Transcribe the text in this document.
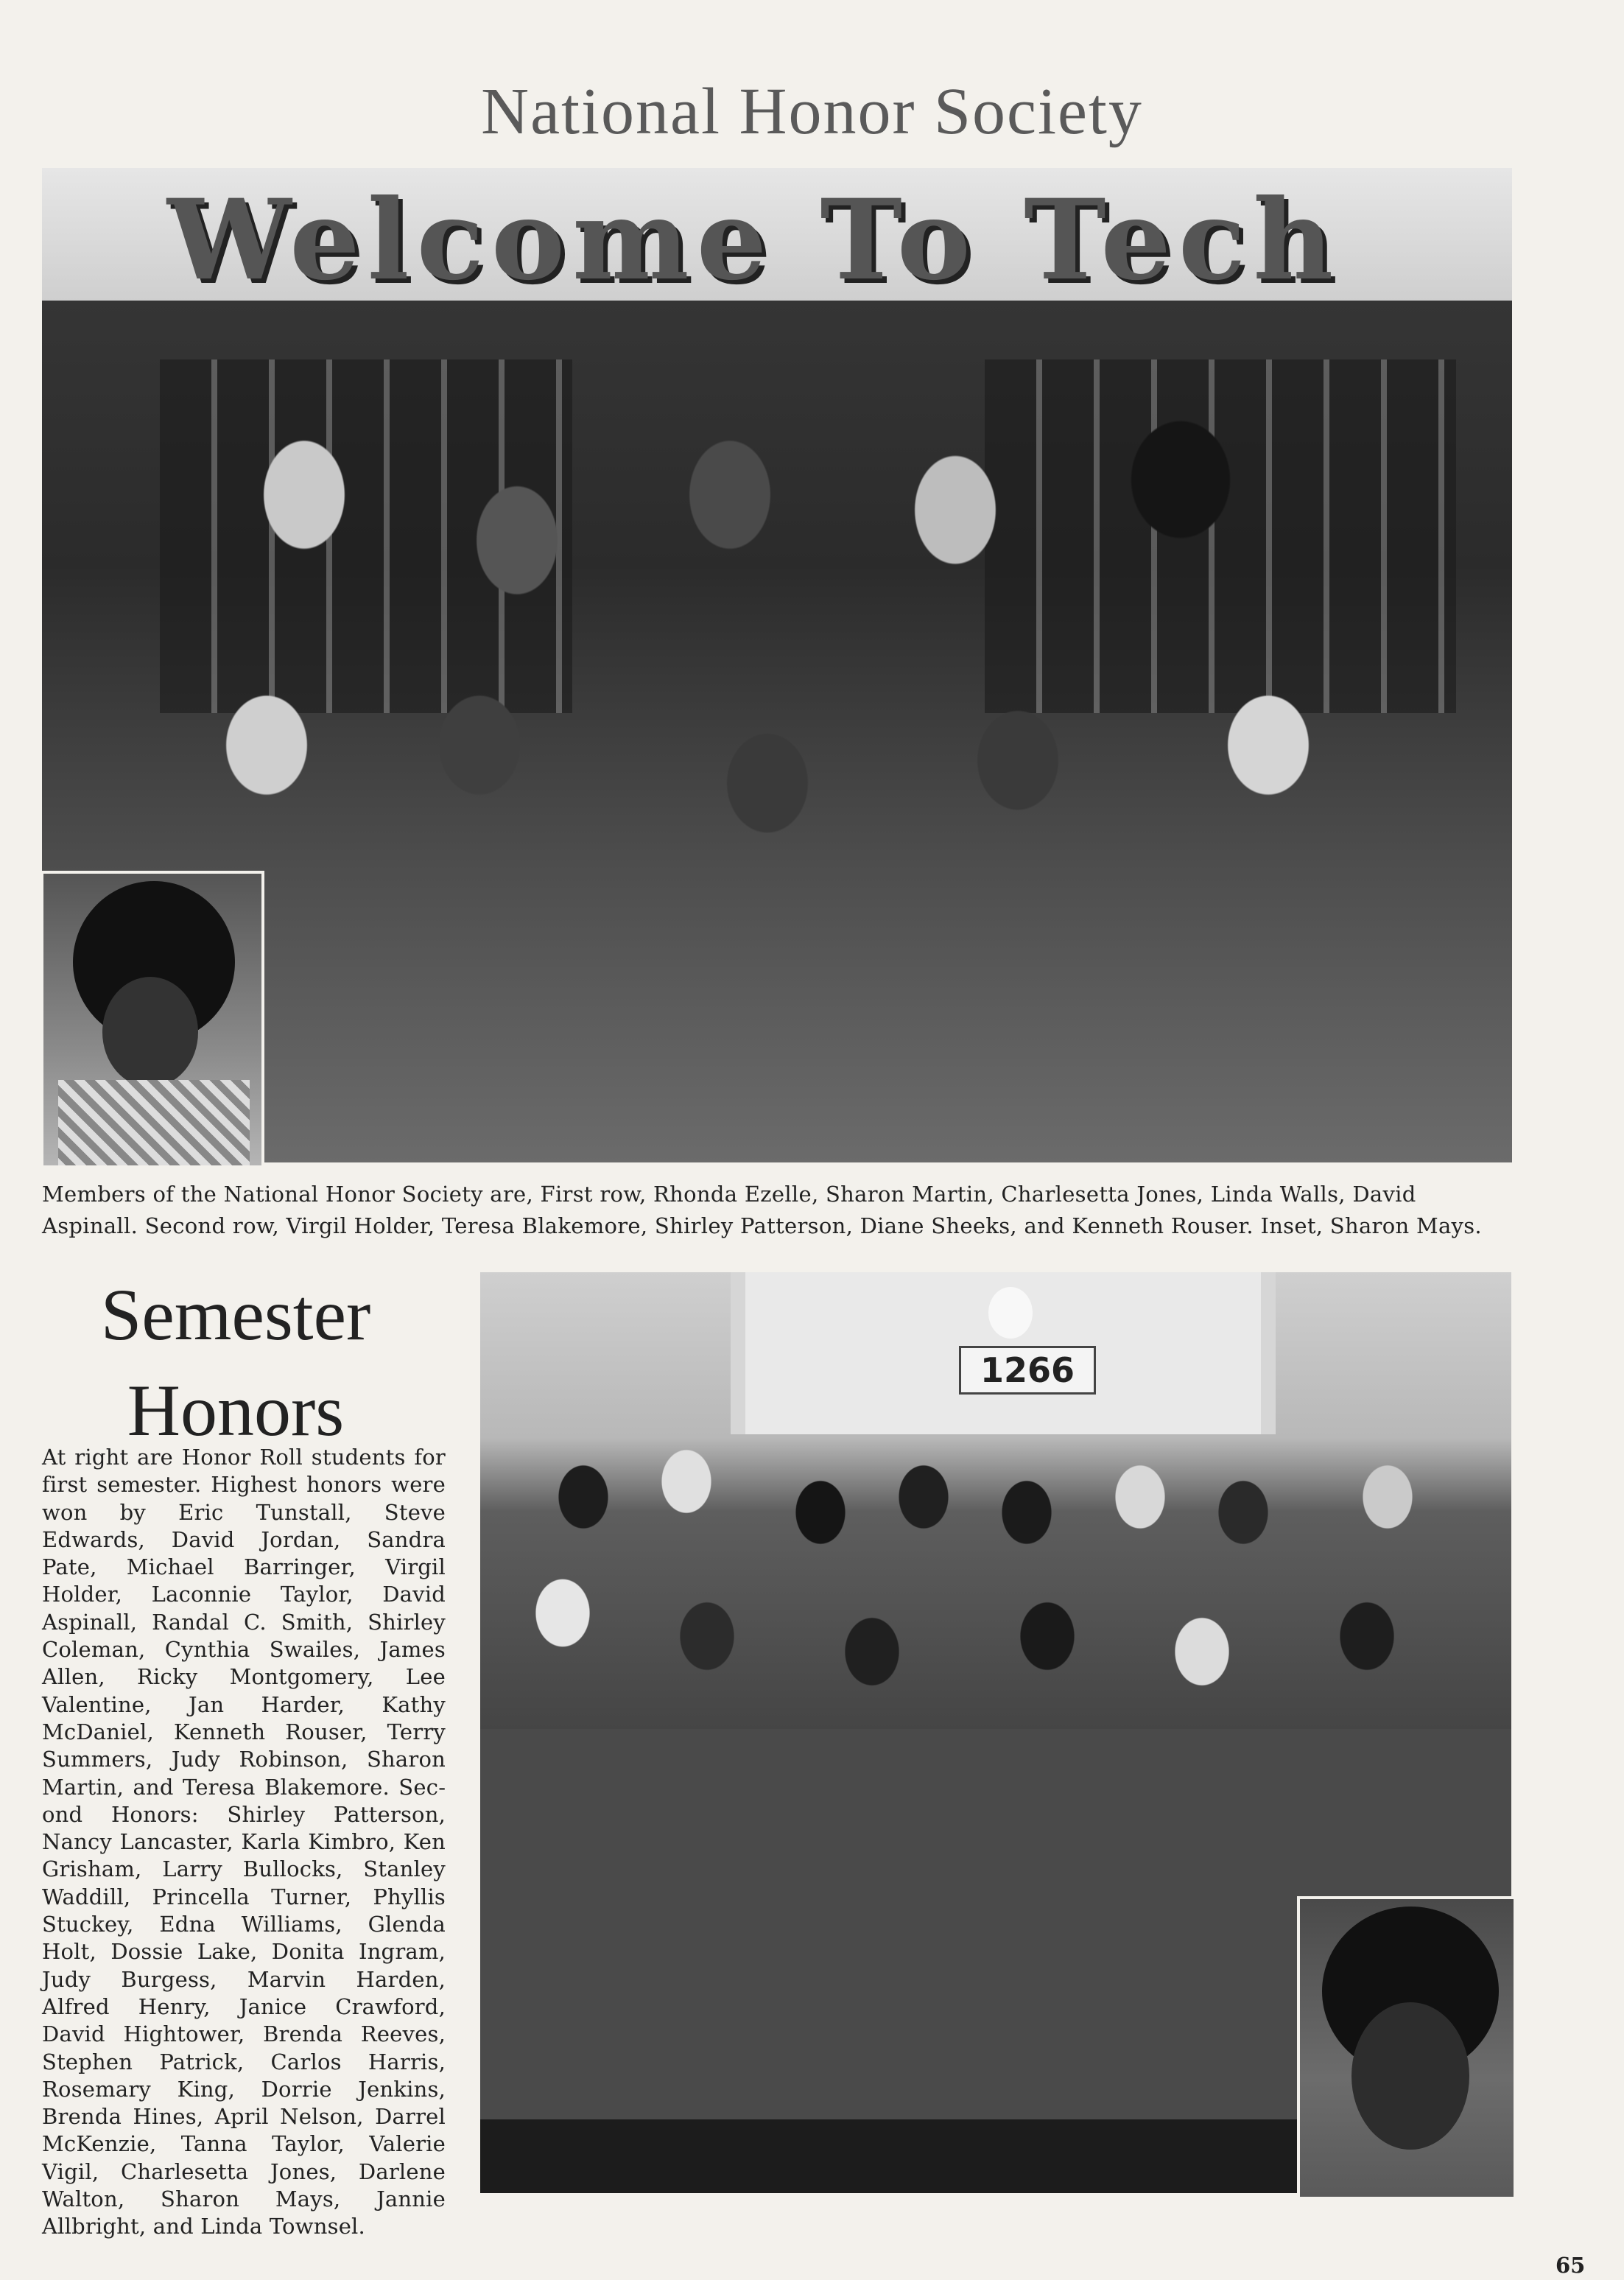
National Honor Society
Welcome To Tech

Members of the National Honor Society are, First row, Rhonda Ezelle, Sharon Martin, Charlesetta Jones, Linda Walls, David Aspinall. Second row, Virgil Holder, Teresa Blakemore, Shirley Patterson, Diane Sheeks, and Kenneth Rouser. Inset, Sharon Mays.

Semester
Honors

At right are Honor Roll students for first semester. Highest honors were won by Eric Tunstall, Steve Edwards, David Jordan, Sandra Pate, Michael Barringer, Virgil Holder, Laconnie Taylor, David Aspinall, Randal C. Smith, Shirley Coleman, Cynthia Swailes, James Allen, Ricky Montgomery, Lee Valentine, Jan Harder, Kathy McDaniel, Kenneth Rouser, Terry Summers, Judy Robinson, Sharon Martin, and Teresa Blakemore. Second Honors: Shirley Patterson, Nancy Lancaster, Karla Kimbro, Ken Grisham, Larry Bullocks, Stanley Waddill, Princella Turner, Phyllis Stuckey, Edna Williams, Glenda Holt, Dossie Lake, Donita Ingram, Judy Burgess, Marvin Harden, Alfred Henry, Janice Crawford, David Hightower, Brenda Reeves, Stephen Patrick, Carlos Harris, Rosemary King, Dorrie Jenkins, Brenda Hines, April Nelson, Darrel McKenzie, Tanna Taylor, Valerie Vigil, Charlesetta Jones, Darlene Walton, Sharon Mays, Jannie Allbright, and Linda Townsel.

1266

65
